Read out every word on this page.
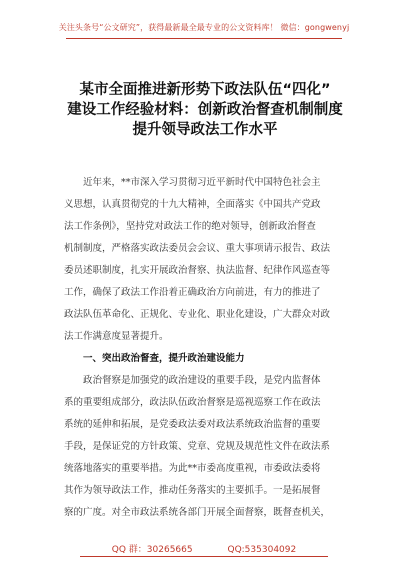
关注头条号“公文研究”，获得最新最全最专业的公文资料库！ 微信：gongwenyj
某市全面推进新形势下政法队伍“四化”
建设工作经验材料：创新政治督查机制制度
提升领导政法工作水平
近年来，**市深入学习贯彻习近平新时代中国特色社会主
义思想，认真贯彻党的十九大精神，全面落实《中国共产党政
法工作条例》，坚持党对政法工作的绝对领导，创新政治督查
机制制度，严格落实政法委员会会议、重大事项请示报告、政法
委员述职制度，扎实开展政治督察、执法监督、纪律作风巡查等
工作，确保了政法工作沿着正确政治方向前进，有力的推进了
政法队伍革命化、正规化、专业化、职业化建设，广大群众对政
法工作满意度显著提升。
一、突出政治督查，提升政治建设能力
政治督察是加强党的政治建设的重要手段，是党内监督体
系的重要组成部分，政法队伍政治督察是巡视巡察工作在政法
系统的延伸和拓展，是党委政法委对政法系统政治监督的重要
手段，是保证党的方针政策、党章、党规及规范性文件在政法系
统落地落实的重要举措。为此**市委高度重视，市委政法委将
其作为领导政法工作，推动任务落实的主要抓手。一是拓展督
察的广度。对全市政法系统各部门开展全面督察，既督查机关，
QQ 群：30265665	QQ:535304092
